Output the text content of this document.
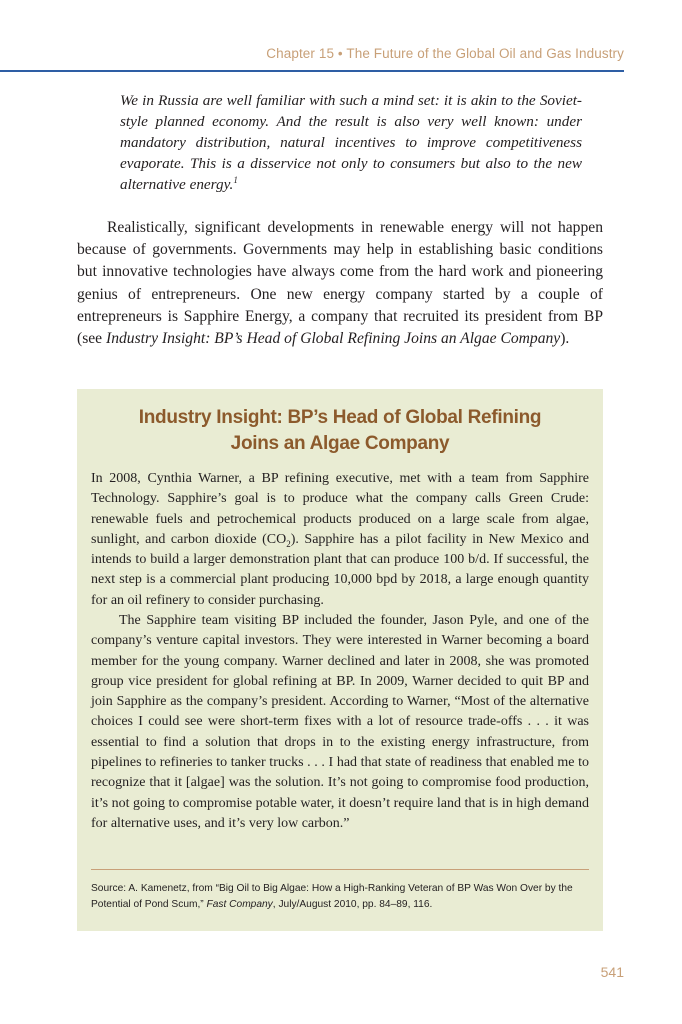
Chapter 15 • The Future of the Global Oil and Gas Industry

We in Russia are well familiar with such a mind set: it is akin to the Soviet-style planned economy. And the result is also very well known: under mandatory distribution, natural incentives to improve competitiveness evaporate. This is a disservice not only to consumers but also to the new alternative energy.$^1$

Realistically, significant developments in renewable energy will not happen because of governments. Governments may help in establishing basic conditions but innovative technologies have always come from the hard work and pioneering genius of entrepreneurs. One new energy company started by a couple of entrepreneurs is Sapphire Energy, a company that recruited its president from BP (see Industry Insight: BP’s Head of Global Refining Joins an Algae Company).

Industry Insight: BP’s Head of Global Refining
Joins an Algae Company

In 2008, Cynthia Warner, a BP refining executive, met with a team from Sapphire Technology. Sapphire’s goal is to produce what the company calls Green Crude: renewable fuels and petrochemical products produced on a large scale from algae, sunlight, and carbon dioxide $(CO_2)$. Sapphire has a pilot facility in New Mexico and intends to build a larger demonstration plant that can produce 100 b/d. If successful, the next step is a commercial plant producing 10,000 bpd by 2018, a large enough quantity for an oil refinery to consider purchasing.

The Sapphire team visiting BP included the founder, Jason Pyle, and one of the company’s venture capital investors. They were interested in Warner becoming a board member for the young company. Warner declined and later in 2008, she was promoted group vice president for global refining at BP. In 2009, Warner decided to quit BP and join Sapphire as the company’s president. According to Warner, “Most of the alternative choices I could see were short-term fixes with a lot of resource trade-offs . . . it was essential to find a solution that drops in to the existing energy infrastructure, from pipelines to refineries to tanker trucks . . . I had that state of readiness that enabled me to recognize that it [algae] was the solution. It’s not going to compromise food production, it’s not going to compromise potable water, it doesn’t require land that is in high demand for alternative uses, and it’s very low carbon.”

Source: A. Kamenetz, from “Big Oil to Big Algae: How a High-Ranking Veteran of BP Was Won Over by the Potential of Pond Scum,” Fast Company, July/August 2010, pp. 84–89, 116.

541
